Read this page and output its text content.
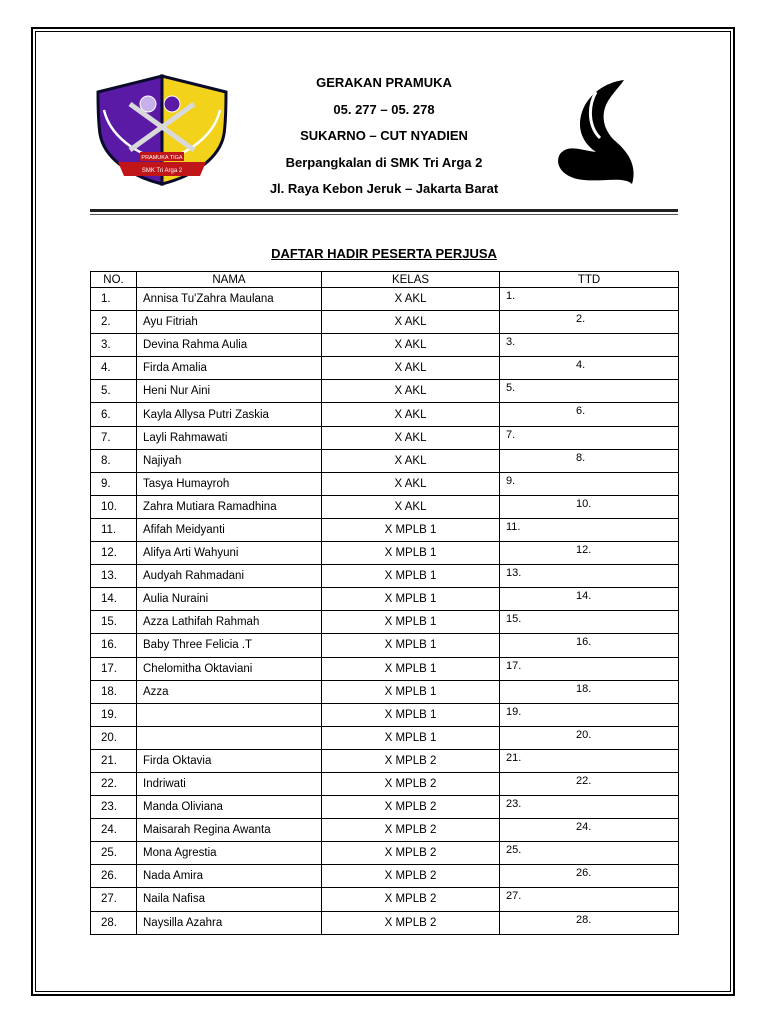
PRAMUKA TIGA
SMK Tri Arga 2
GERAKAN PRAMUKA
05. 277 – 05. 278
SUKARNO – CUT NYADIEN
Berpangkalan di SMK Tri Arga 2
Jl. Raya Kebon Jeruk – Jakarta Barat
DAFTAR HADIR PESERTA PERJUSA
NO.	NAMA	KELAS	TTD
1.	Annisa Tu'Zahra Maulana	X AKL	1.

2.	Ayu Fitriah	X AKL	2.

3.	Devina Rahma Aulia	X AKL	3.

4.	Firda Amalia	X AKL	4.

5.	Heni Nur Aini	X AKL	5.

6.	Kayla Allysa Putri Zaskia	X AKL	6.

7.	Layli Rahmawati	X AKL	7.

8.	Najiyah	X AKL	8.

9.	Tasya Humayroh	X AKL	9.

10.	Zahra Mutiara Ramadhina	X AKL	10.

11.	Afifah Meidyanti	X MPLB 1	11.

12.	Alifya Arti Wahyuni	X MPLB 1	12.

13.	Audyah Rahmadani	X MPLB 1	13.

14.	Aulia Nuraini	X MPLB 1	14.

15.	Azza Lathifah Rahmah	X MPLB 1	15.

16.	Baby Three Felicia .T	X MPLB 1	16.

17.	Chelomitha Oktaviani	X MPLB 1	17.

18.	Azza	X MPLB 1	18.

19.		X MPLB 1	19.

20.		X MPLB 1	20.

21.	Firda Oktavia	X MPLB 2	21.

22.	Indriwati	X MPLB 2	22.

23.	Manda Oliviana	X MPLB 2	23.

24.	Maisarah Regina Awanta	X MPLB 2	24.

25.	Mona Agrestia	X MPLB 2	25.

26.	Nada Amira	X MPLB 2	26.

27.	Naila Nafisa	X MPLB 2	27.

28.	Naysilla Azahra	X MPLB 2	28.
